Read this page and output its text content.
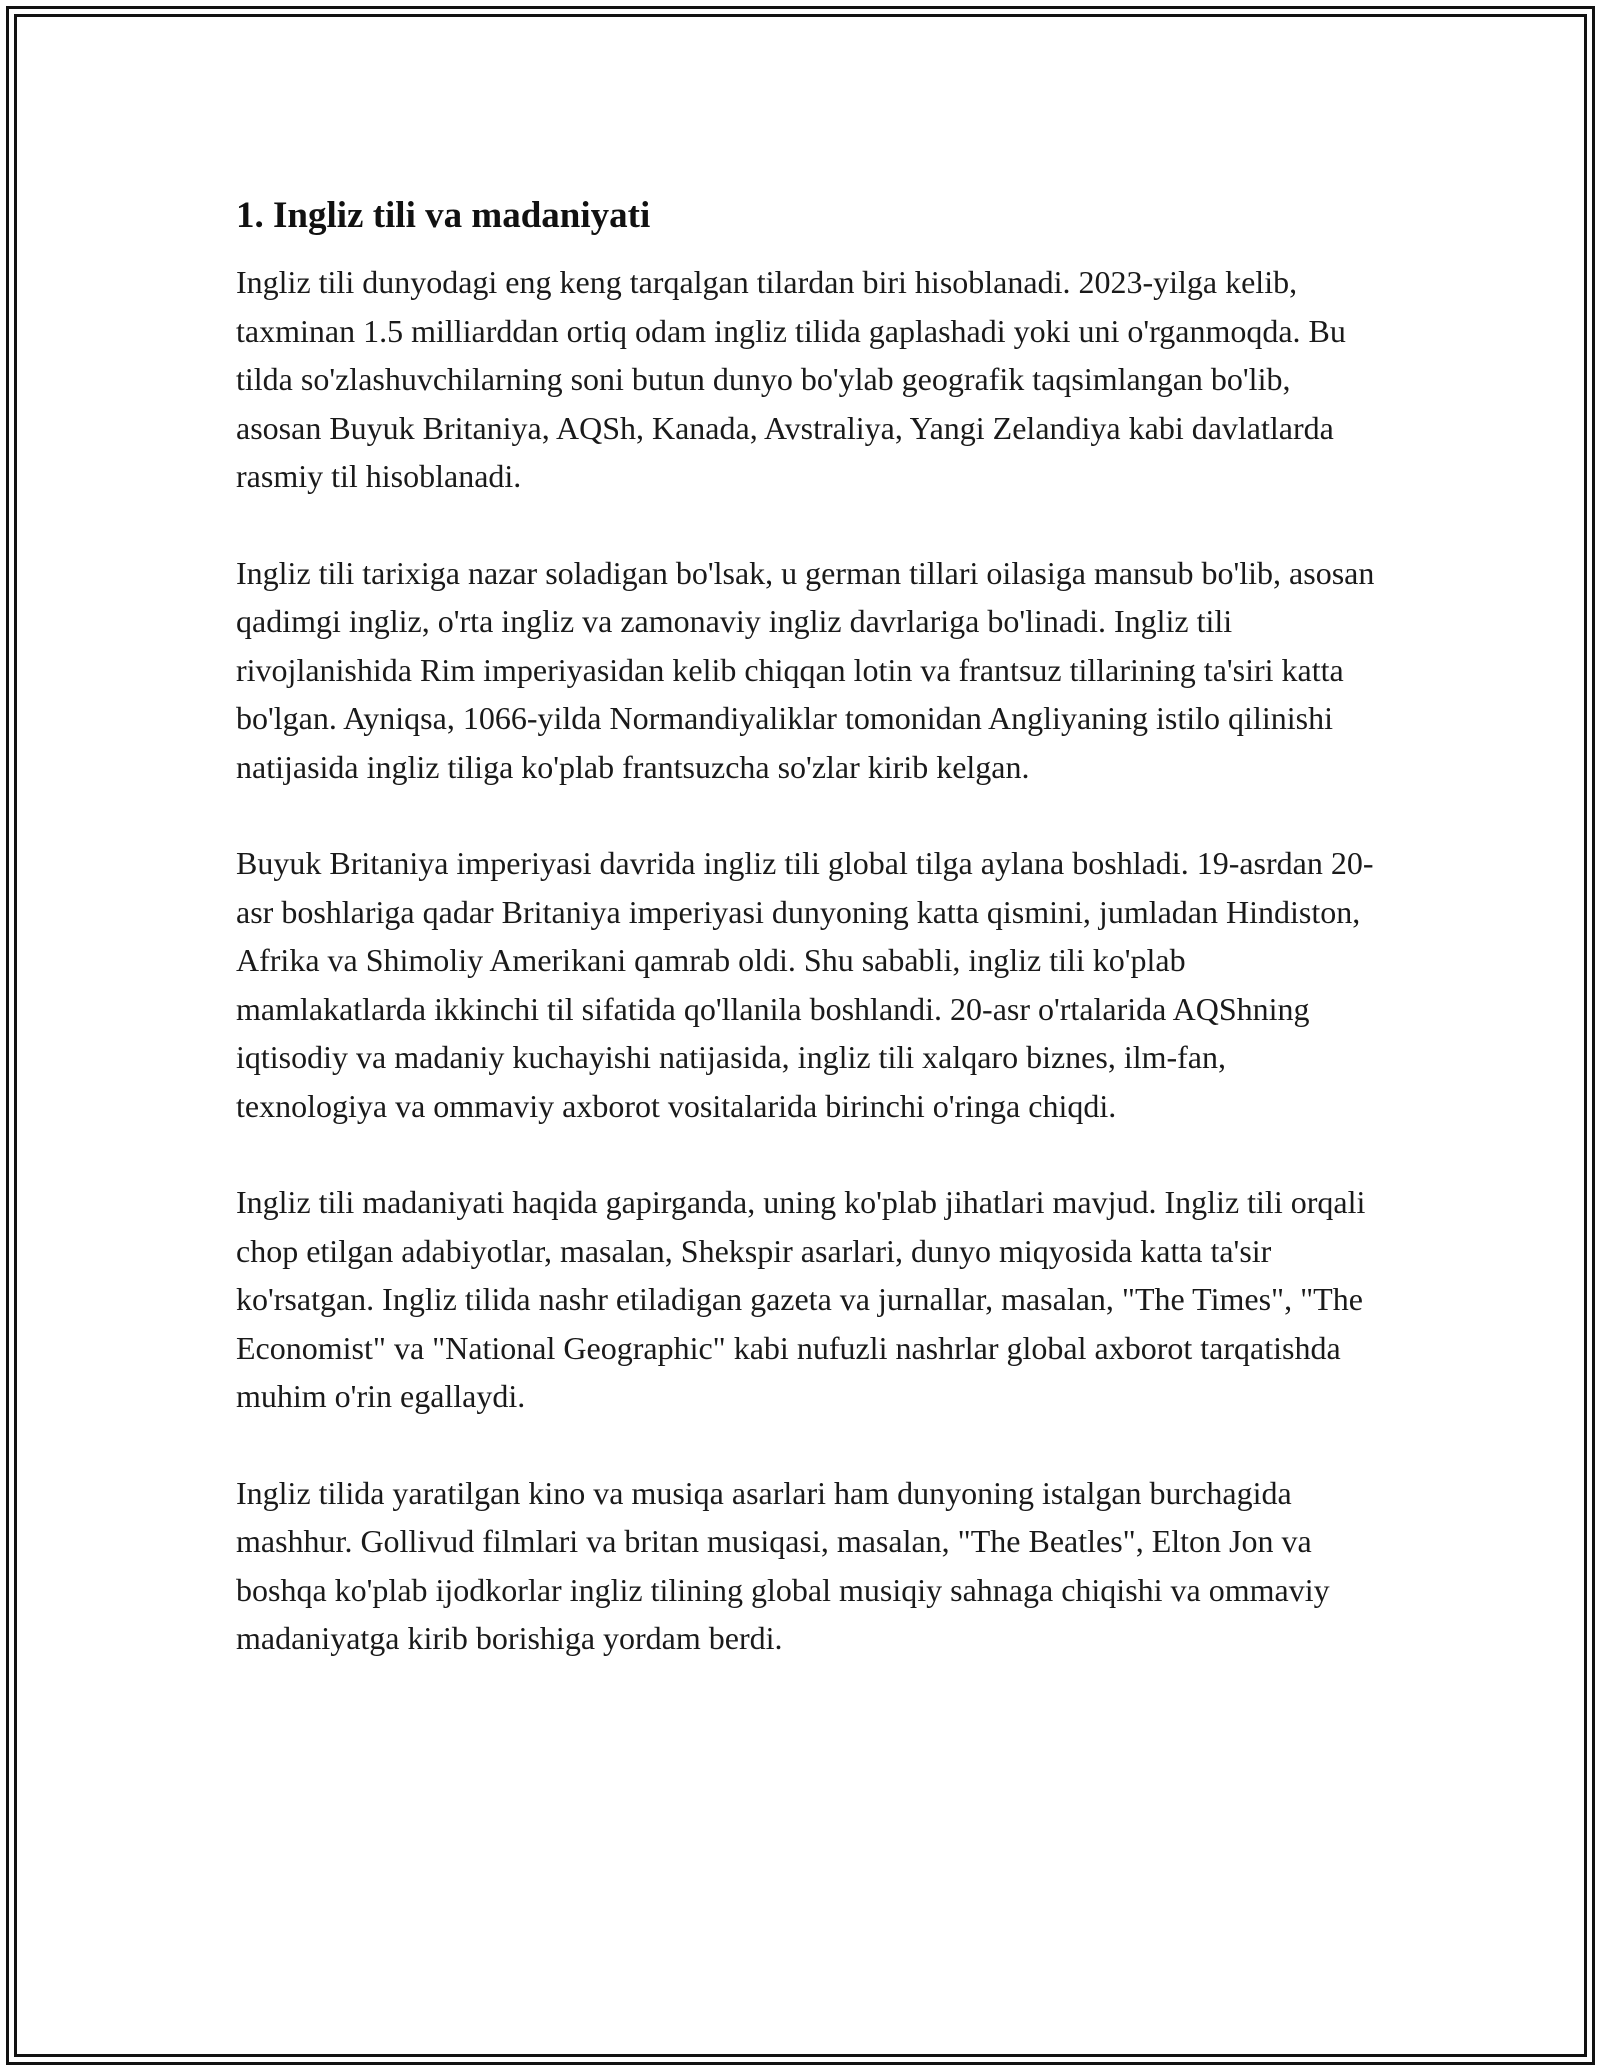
1. Ingliz tili va madaniyati

Ingliz tili dunyodagi eng keng tarqalgan tilardan biri hisoblanadi. 2023-yilga kelib, taxminan 1.5 milliarddan ortiq odam ingliz tilida gaplashadi yoki uni o'rganmoqda. Bu tilda so'zlashuvchilarning soni butun dunyo bo'ylab geografik taqsimlangan bo'lib, asosan Buyuk Britaniya, AQSh, Kanada, Avstraliya, Yangi Zelandiya kabi davlatlarda rasmiy til hisoblanadi.

Ingliz tili tarixiga nazar soladigan bo'lsak, u german tillari oilasiga mansub bo'lib, asosan qadimgi ingliz, o'rta ingliz va zamonaviy ingliz davrlariga bo'linadi. Ingliz tili rivojlanishida Rim imperiyasidan kelib chiqqan lotin va frantsuz tillarining ta'siri katta bo'lgan. Ayniqsa, 1066-yilda Normandiyaliklar tomonidan Angliyaning istilo qilinishi natijasida ingliz tiliga ko'plab frantsuzcha so'zlar kirib kelgan.

Buyuk Britaniya imperiyasi davrida ingliz tili global tilga aylana boshladi. 19-asrdan 20-asr boshlariga qadar Britaniya imperiyasi dunyoning katta qismini, jumladan Hindiston, Afrika va Shimoliy Amerikani qamrab oldi. Shu sababli, ingliz tili ko'plab mamlakatlarda ikkinchi til sifatida qo'llanila boshlandi. 20-asr o'rtalarida AQShning iqtisodiy va madaniy kuchayishi natijasida, ingliz tili xalqaro biznes, ilm-fan, texnologiya va ommaviy axborot vositalarida birinchi o'ringa chiqdi.

Ingliz tili madaniyati haqida gapirganda, uning ko'plab jihatlari mavjud. Ingliz tili orqali chop etilgan adabiyotlar, masalan, Shekspir asarlari, dunyo miqyosida katta ta'sir ko'rsatgan. Ingliz tilida nashr etiladigan gazeta va jurnallar, masalan, "The Times", "The Economist" va "National Geographic" kabi nufuzli nashrlar global axborot tarqatishda muhim o'rin egallaydi.

Ingliz tilida yaratilgan kino va musiqa asarlari ham dunyoning istalgan burchagida mashhur. Gollivud filmlari va britan musiqasi, masalan, "The Beatles", Elton Jon va boshqa ko'plab ijodkorlar ingliz tilining global musiqiy sahnaga chiqishi va ommaviy madaniyatga kirib borishiga yordam berdi.
